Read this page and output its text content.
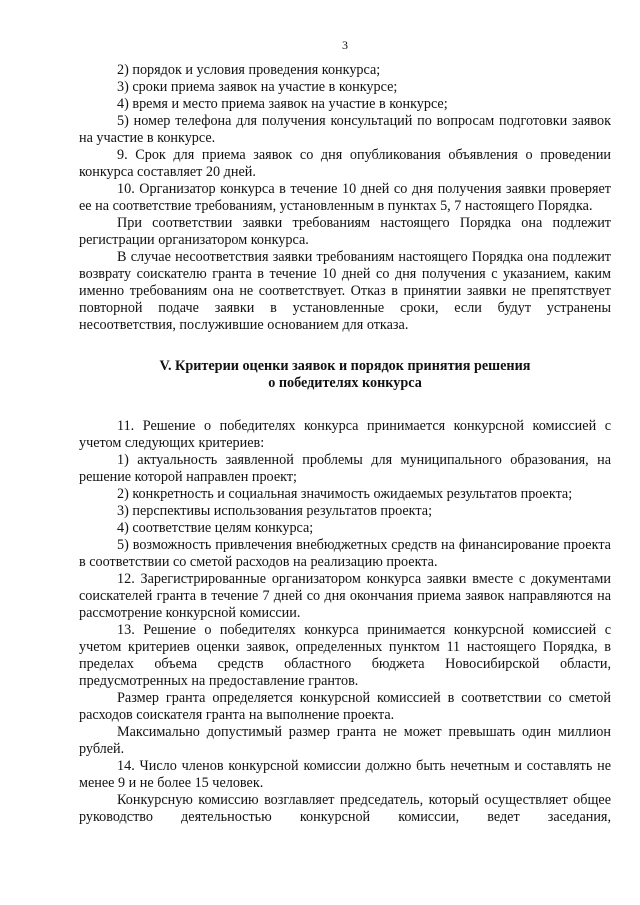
3

2) порядок и условия проведения конкурса;

3) сроки приема заявок на участие в конкурсе;

4) время и место приема заявок на участие в конкурсе;

5) номер телефона для получения консультаций по вопросам подготовки заявок на участие в конкурсе.

9. Срок для приема заявок со дня опубликования объявления о проведении конкурса составляет 20 дней.

10. Организатор конкурса в течение 10 дней со дня получения заявки проверяет ее на соответствие требованиям, установленным в пунктах 5, 7 настоящего Порядка.

При соответствии заявки требованиям настоящего Порядка она подлежит регистрации организатором конкурса.

В случае несоответствия заявки требованиям настоящего Порядка она подлежит возврату соискателю гранта в течение 10 дней со дня получения с указанием, каким именно требованиям она не соответствует. Отказ в принятии заявки не препятствует повторной подаче заявки в установленные сроки, если будут устранены несоответствия, послужившие основанием для отказа.

V. Критерии оценки заявок и порядок принятия решения
о победителях конкурса

11. Решение о победителях конкурса принимается конкурсной комиссией с учетом следующих критериев:

1) актуальность заявленной проблемы для муниципального образования, на решение которой направлен проект;

2) конкретность и социальная значимость ожидаемых результатов проекта;

3) перспективы использования результатов проекта;

4) соответствие целям конкурса;

5) возможность привлечения внебюджетных средств на финансирование проекта в соответствии со сметой расходов на реализацию проекта.

12. Зарегистрированные организатором конкурса заявки вместе с документами соискателей гранта в течение 7 дней со дня окончания приема заявок направляются на рассмотрение конкурсной комиссии.

13. Решение о победителях конкурса принимается конкурсной комиссией с учетом критериев оценки заявок, определенных пунктом 11 настоящего Порядка, в пределах объема средств областного бюджета Новосибирской области, предусмотренных на предоставление грантов.

Размер гранта определяется конкурсной комиссией в соответствии со сметой расходов соискателя гранта на выполнение проекта.

Максимально допустимый размер гранта не может превышать один миллион рублей.

14. Число членов конкурсной комиссии должно быть нечетным и составлять не менее 9 и не более 15 человек.

Конкурсную комиссию возглавляет председатель, который осуществляет общее руководство деятельностью конкурсной комиссии, ведет заседания,
